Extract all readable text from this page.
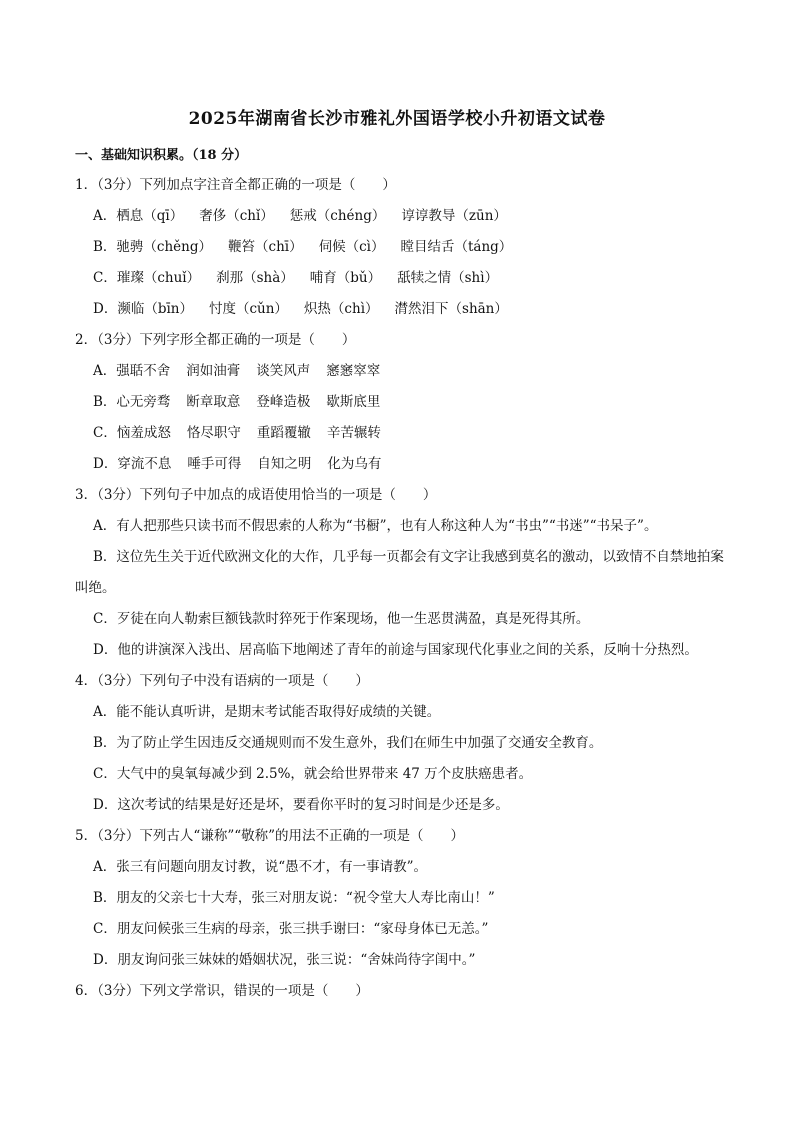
2025年湖南省长沙市雅礼外国语学校小升初语文试卷
一、基础知识积累。（18 分）
1．（3分）下列加点字注音全都正确的一项是（　　）
A．栖息（qī） 奢侈（chǐ） 惩戒（chéng） 谆谆教导（zūn）
B．驰骋（chěng） 鞭笞（chī） 伺候（cì） 瞠目结舌（táng）
C．璀璨（chuǐ） 刹那（shà） 哺育（bǔ） 舐犊之情（shì）
D．濒临（bīn） 忖度（cǔn） 炽热（chì） 潸然泪下（shān）
2．（3分）下列字形全都正确的一项是（　　）
A．强聒不舍 润如油膏 谈笑风声 窸窸窣窣
B．心无旁骛 断章取意 登峰造极 歇斯底里
C．恼羞成怒 恪尽职守 重蹈覆辙 辛苦辗转
D．穿流不息 唾手可得 自知之明 化为乌有
3．（3分）下列句子中加点的成语使用恰当的一项是（　　）
A．有人把那些只读书而不假思索的人称为“书橱”，也有人称这种人为“书虫”“书迷”“书呆子”。
B．这位先生关于近代欧洲文化的大作，几乎每一页都会有文字让我感到莫名的激动，以致情不自禁地拍案叫绝。
C．歹徒在向人勒索巨额钱款时猝死于作案现场，他一生恶贯满盈，真是死得其所。
D．他的讲演深入浅出、居高临下地阐述了青年的前途与国家现代化事业之间的关系，反响十分热烈。
4．（3分）下列句子中没有语病的一项是（　　）
A．能不能认真听讲，是期末考试能否取得好成绩的关键。
B．为了防止学生因违反交通规则而不发生意外，我们在师生中加强了交通安全教育。
C．大气中的臭氧每减少到 2.5%，就会给世界带来 47 万个皮肤癌患者。
D．这次考试的结果是好还是坏，要看你平时的复习时间是少还是多。
5．（3分）下列古人“谦称”“敬称”的用法不正确的一项是（　　）
A．张三有问题向朋友讨教，说“愚不才，有一事请教”。
B．朋友的父亲七十大寿，张三对朋友说：“祝令堂大人寿比南山！”
C．朋友问候张三生病的母亲，张三拱手谢曰：“家母身体已无恙。”
D．朋友询问张三妹妹的婚姻状况，张三说：“舍妹尚待字闺中。”
6．（3分）下列文学常识，错误的一项是（　　）
